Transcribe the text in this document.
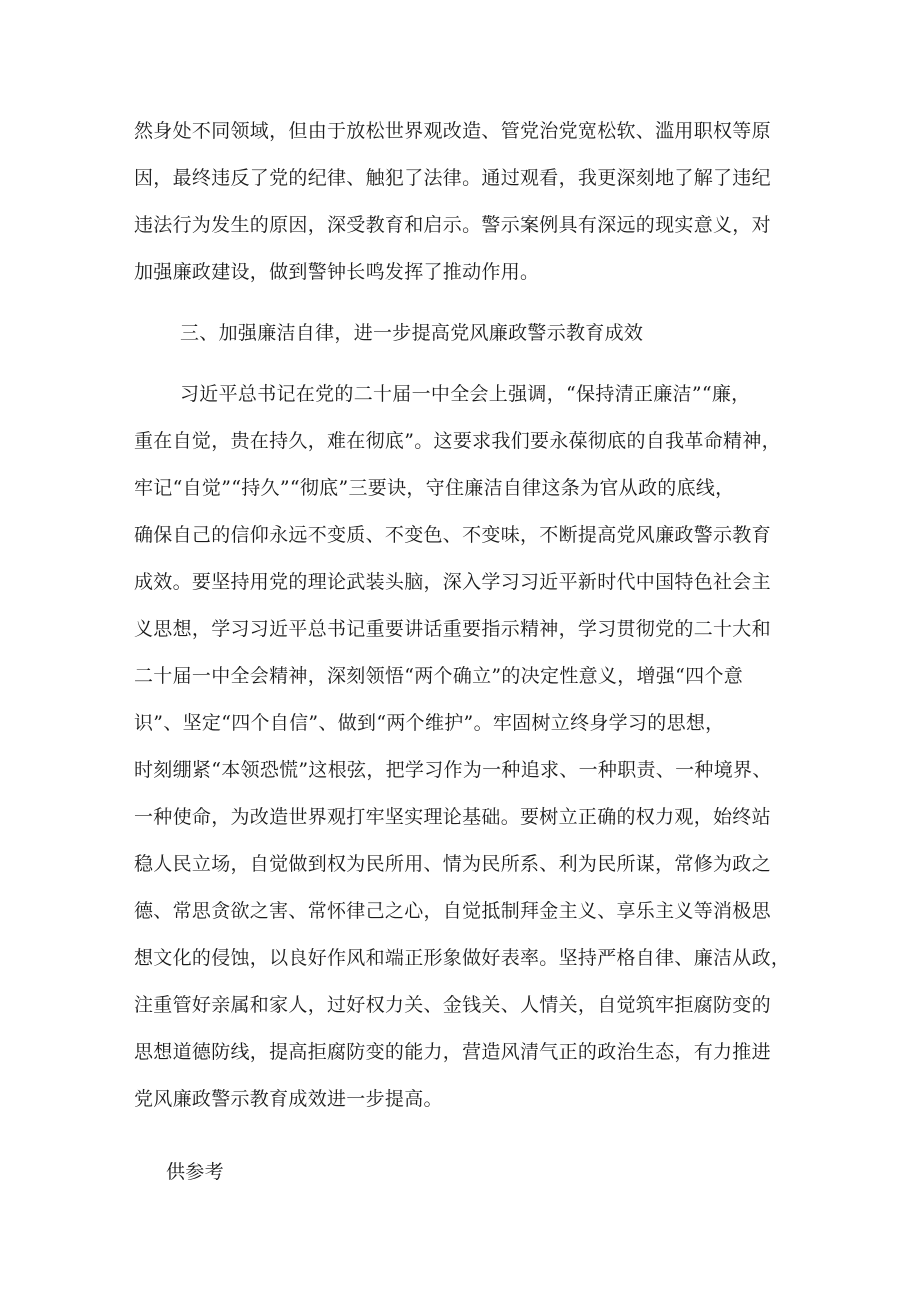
然身处不同领域，但由于放松世界观改造、管党治党宽松软、滥用职权等原
因，最终违反了党的纪律、触犯了法律。通过观看，我更深刻地了解了违纪
违法行为发生的原因，深受教育和启示。警示案例具有深远的现实意义，对
加强廉政建设，做到警钟长鸣发挥了推动作用。
三、加强廉洁自律，进一步提高党风廉政警示教育成效
习近平总书记在党的二十届一中全会上强调，“保持清正廉洁”“廉，
重在自觉，贵在持久，难在彻底”。这要求我们要永葆彻底的自我革命精神，
牢记“自觉”“持久”“彻底”三要诀，守住廉洁自律这条为官从政的底线，
确保自己的信仰永远不变质、不变色、不变味，不断提高党风廉政警示教育
成效。要坚持用党的理论武装头脑，深入学习习近平新时代中国特色社会主
义思想，学习习近平总书记重要讲话重要指示精神，学习贯彻党的二十大和
二十届一中全会精神，深刻领悟“两个确立”的决定性意义，增强“四个意
识”、坚定“四个自信”、做到“两个维护”。牢固树立终身学习的思想，
时刻绷紧“本领恐慌”这根弦，把学习作为一种追求、一种职责、一种境界、
一种使命，为改造世界观打牢坚实理论基础。要树立正确的权力观，始终站
稳人民立场，自觉做到权为民所用、情为民所系、利为民所谋，常修为政之
德、常思贪欲之害、常怀律己之心，自觉抵制拜金主义、享乐主义等消极思
想文化的侵蚀，以良好作风和端正形象做好表率。坚持严格自律、廉洁从政，
注重管好亲属和家人，过好权力关、金钱关、人情关，自觉筑牢拒腐防变的
思想道德防线，提高拒腐防变的能力，营造风清气正的政治生态，有力推进
党风廉政警示教育成效进一步提高。
供参考
